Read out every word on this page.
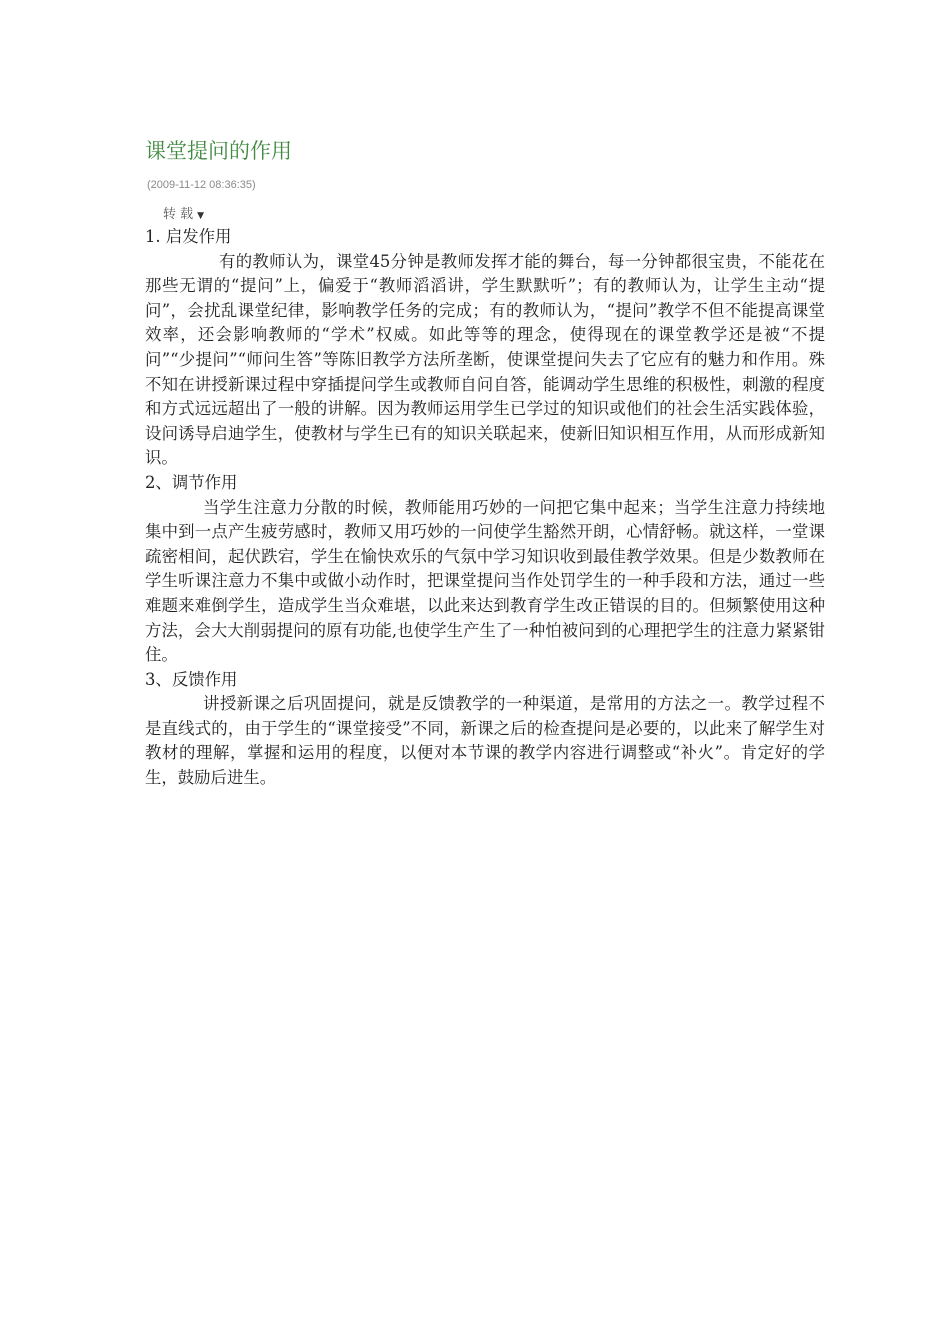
课堂提问的作用
(2009-11-12 08:36:35)
转 载 ▼
1. 启发作用

有的教师认为，课堂45分钟是教师发挥才能的舞台，每一分钟都很宝贵，不能花在那些无谓的“提问”上，偏爱于“教师滔滔讲，学生默默听”；有的教师认为，让学生主动“提问”，会扰乱课堂纪律，影响教学任务的完成；有的教师认为，“提问”教学不但不能提高课堂效率，还会影响教师的“学术”权威。如此等等的理念，使得现在的课堂教学还是被“不提问”“少提问”“师问生答”等陈旧教学方法所垄断，使课堂提问失去了它应有的魅力和作用。殊不知在讲授新课过程中穿插提问学生或教师自问自答，能调动学生思维的积极性，刺激的程度和方式远远超出了一般的讲解。因为教师运用学生已学过的知识或他们的社会生活实践体验，设问诱导启迪学生，使教材与学生已有的知识关联起来，使新旧知识相互作用，从而形成新知识。

2、调节作用

当学生注意力分散的时候，教师能用巧妙的一问把它集中起来；当学生注意力持续地集中到一点产生疲劳感时，教师又用巧妙的一问使学生豁然开朗，心情舒畅。就这样，一堂课疏密相间，起伏跌宕，学生在愉快欢乐的气氛中学习知识收到最佳教学效果。但是少数教师在学生听课注意力不集中或做小动作时，把课堂提问当作处罚学生的一种手段和方法，通过一些难题来难倒学生，造成学生当众难堪，以此来达到教育学生改正错误的目的。但频繁使用这种方法，会大大削弱提问的原有功能,也使学生产生了一种怕被问到的心理把学生的注意力紧紧钳住。

3、反馈作用

讲授新课之后巩固提问，就是反馈教学的一种渠道，是常用的方法之一。教学过程不是直线式的，由于学生的“课堂接受”不同，新课之后的检查提问是必要的，以此来了解学生对教材的理解，掌握和运用的程度，以便对本节课的教学内容进行调整或“补火”。肯定好的学生，鼓励后进生。
